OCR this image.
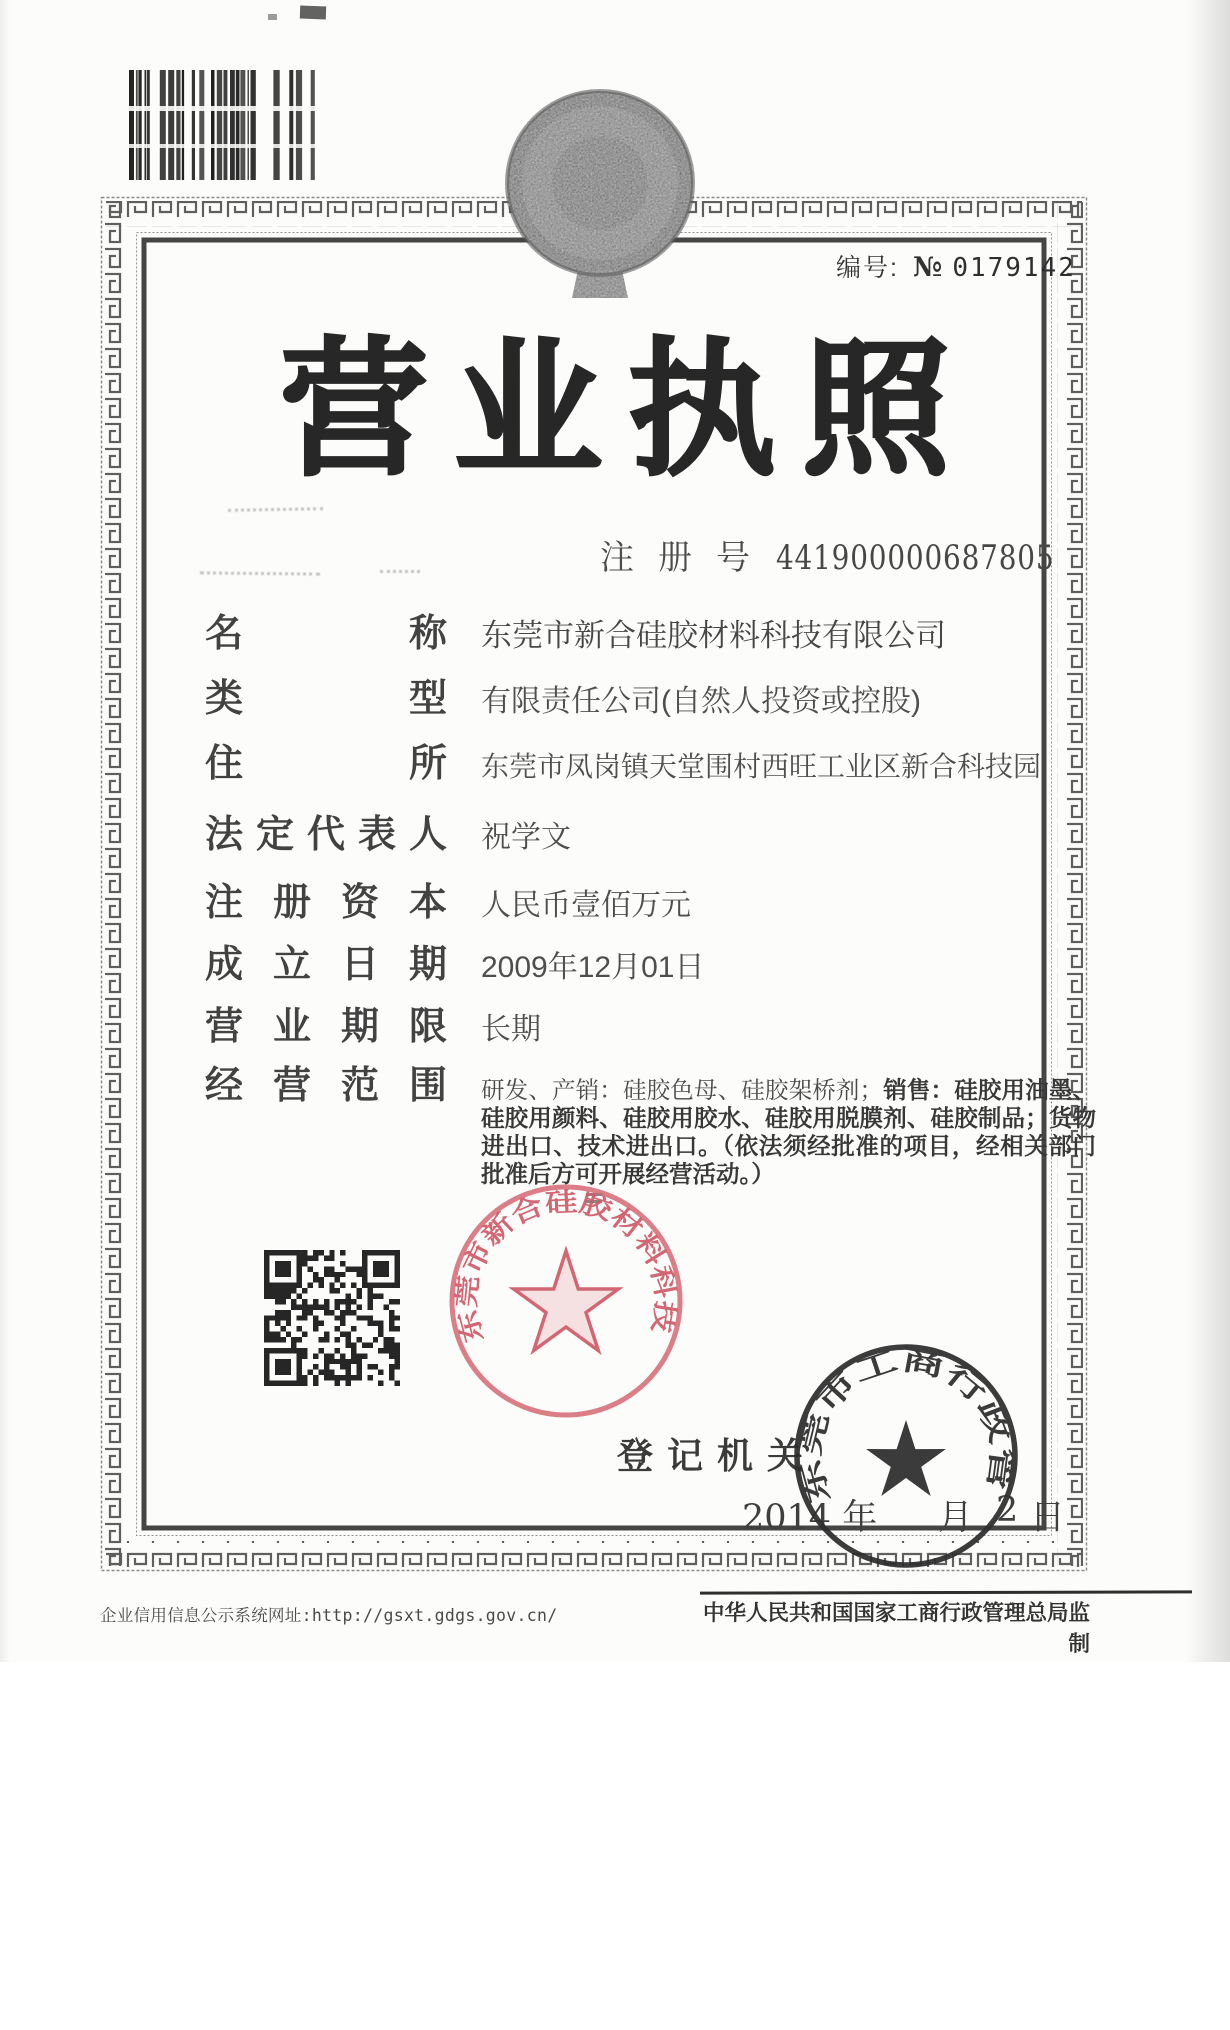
编号: № 0179142
营业执照
注册号 441900000687805
名称 东莞市新合硅胶材料科技有限公司
类型 有限责任公司(自然人投资或控股)
住所 东莞市凤岗镇天堂围村西旺工业区新合科技园
法定代表人 祝学文
注册资本 人民币壹佰万元
成立日期 2009年12月01日
营业期限 长期
经营范围 研发、产销：硅胶色母、硅胶架桥剂；销售：硅胶用油墨、硅胶用颜料、硅胶用胶水、硅胶用脱膜剂、硅胶制品；货物进出口、技术进出口。（依法须经批准的项目，经相关部门批准后方可开展经营活动。）
东莞市新合硅胶材料科技
登记机关
2014 年 月 2 日
东莞市工商行政管
企业信用信息公示系统网址:http://gsxt.gdgs.gov.cn/	中华人民共和国国家工商行政管理总局监制
